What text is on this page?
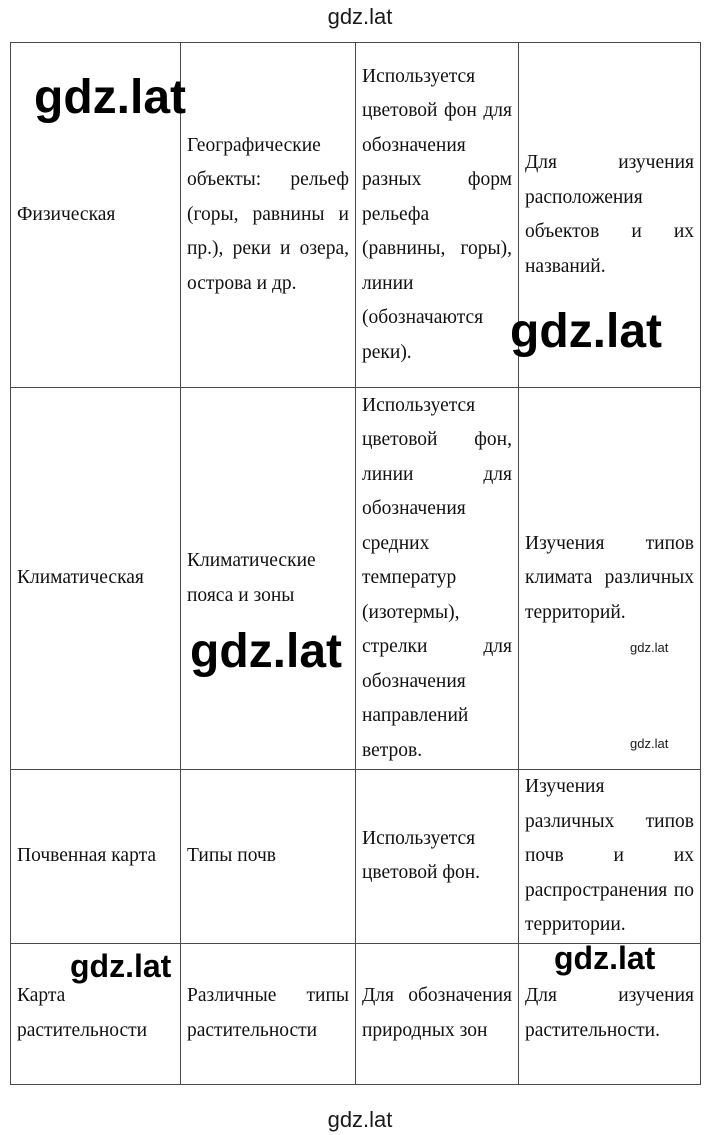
gdz.lat
Физическая	Географические объекты: рельеф (горы, равнины и пр.), реки и озера, острова и др.	Используется цветовой фон для обозначения разных форм рельефа (равнины, горы), линии (обозначаются реки).	Для изучения расположения объектов и их названий.
Климатическая	Климатические пояса и зоны	Используется цветовой фон, линии для обозначения средних температур (изотермы), стрелки для обозначения направлений ветров.	Изучения типов климата различных территорий.
Почвенная карта	Типы почв	Используется цветовой фон.	Изучения различных типов почв и их распространения по территории.
Карта растительности	Различные типы растительности	Для обозначения природных зон	Для изучения растительности.
gdz.lat
gdz.lat
gdz.lat
gdz.lat	gdz.lat
gdz.lat
gdz.lat
gdz.lat
